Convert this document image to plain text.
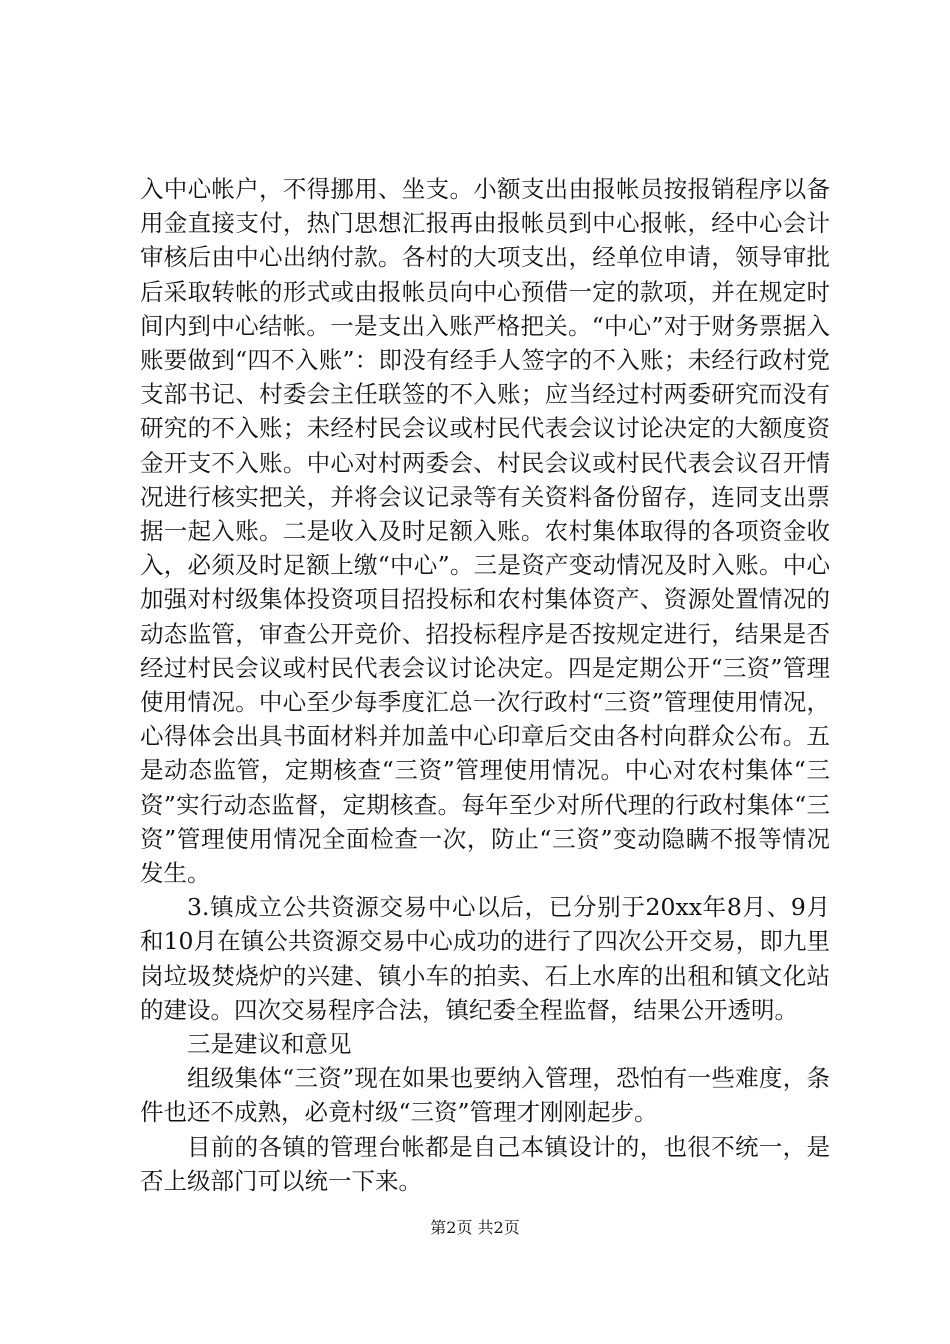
入中心帐户，不得挪用、坐支。小额支出由报帐员按报销程序以备用金直接支付，热门思想汇报再由报帐员到中心报帐，经中心会计审核后由中心出纳付款。各村的大项支出，经单位申请，领导审批后采取转帐的形式或由报帐员向中心预借一定的款项，并在规定时间内到中心结帐。一是支出入账严格把关。“中心”对于财务票据入账要做到“四不入账”：即没有经手人签字的不入账；未经行政村党支部书记、村委会主任联签的不入账；应当经过村两委研究而没有研究的不入账；未经村民会议或村民代表会议讨论决定的大额度资金开支不入账。中心对村两委会、村民会议或村民代表会议召开情况进行核实把关，并将会议记录等有关资料备份留存，连同支出票据一起入账。二是收入及时足额入账。农村集体取得的各项资金收入，必须及时足额上缴“中心”。三是资产变动情况及时入账。中心加强对村级集体投资项目招投标和农村集体资产、资源处置情况的动态监管，审查公开竞价、招投标程序是否按规定进行，结果是否经过村民会议或村民代表会议讨论决定。四是定期公开“三资”管理使用情况。中心至少每季度汇总一次行政村“三资”管理使用情况，心得体会出具书面材料并加盖中心印章后交由各村向群众公布。五是动态监管，定期核查“三资”管理使用情况。中心对农村集体“三资”实行动态监督，定期核查。每年至少对所代理的行政村集体“三资”管理使用情况全面检查一次，防止“三资”变动隐瞒不报等情况发生。

3.镇成立公共资源交易中心以后，已分别于20xx年8月、9月和10月在镇公共资源交易中心成功的进行了四次公开交易，即九里岗垃圾焚烧炉的兴建、镇小车的拍卖、石上水库的出租和镇文化站的建设。四次交易程序合法，镇纪委全程监督，结果公开透明。

三是建议和意见

组级集体“三资”现在如果也要纳入管理，恐怕有一些难度，条件也还不成熟，必竟村级“三资”管理才刚刚起步。

目前的各镇的管理台帐都是自己本镇设计的，也很不统一，是否上级部门可以统一下来。

第2页 共2页
